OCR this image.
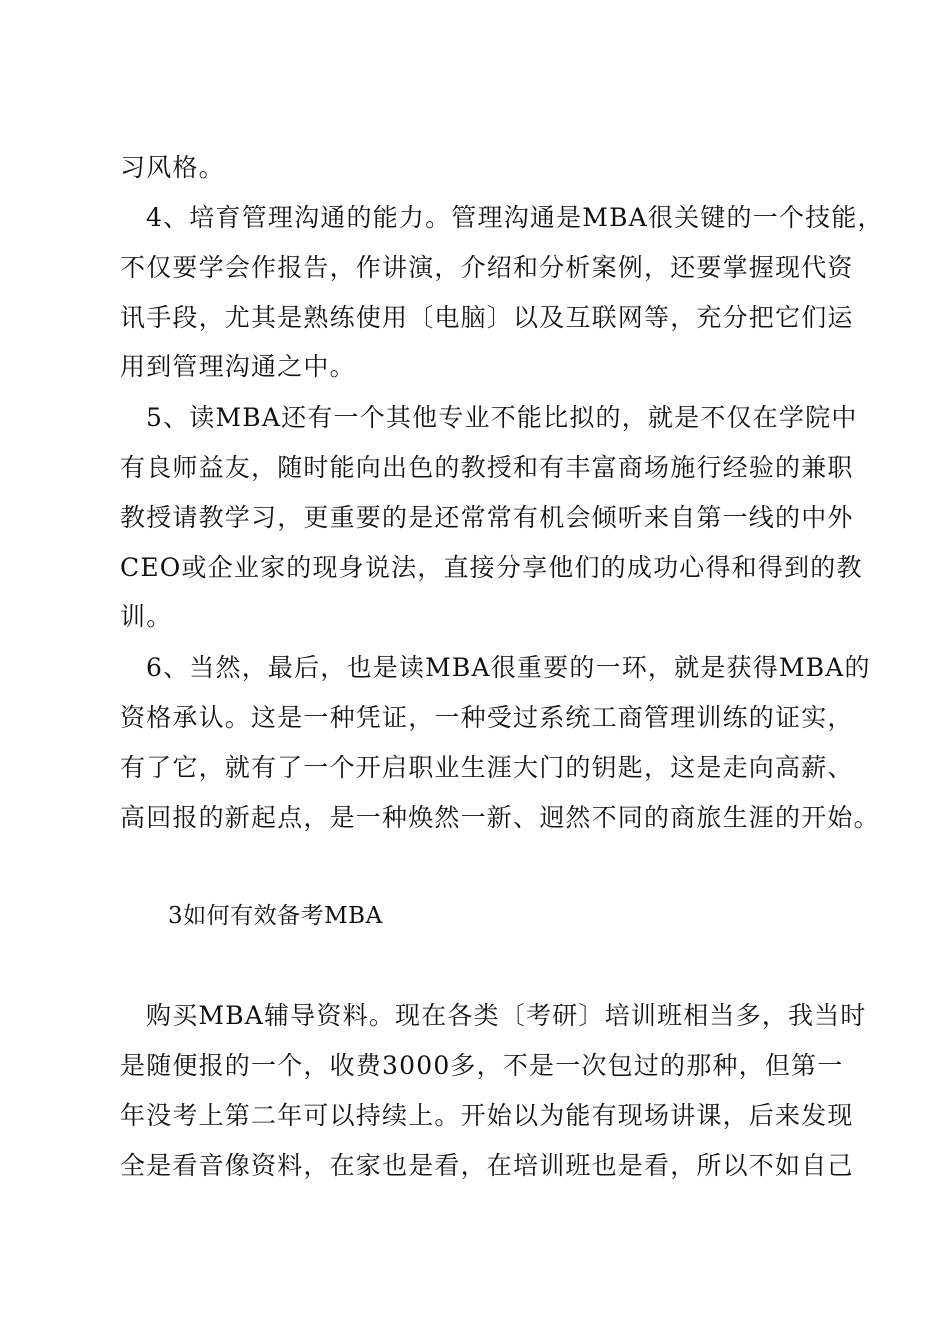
习风格。
4、培育管理沟通的能力。管理沟通是MBA很关键的一个技能，
不仅要学会作报告，作讲演，介绍和分析案例，还要掌握现代资
讯手段，尤其是熟练使用〔电脑〕以及互联网等，充分把它们运
用到管理沟通之中。
5、读MBA还有一个其他专业不能比拟的，就是不仅在学院中
有良师益友，随时能向出色的教授和有丰富商场施行经验的兼职
教授请教学习，更重要的是还常常有机会倾听来自第一线的中外
CEO或企业家的现身说法，直接分享他们的成功心得和得到的教
训。
6、当然，最后，也是读MBA很重要的一环，就是获得MBA的
资格承认。这是一种凭证，一种受过系统工商管理训练的证实，
有了它，就有了一个开启职业生涯大门的钥匙，这是走向高薪、
高回报的新起点，是一种焕然一新、迥然不同的商旅生涯的开始。
3如何有效备考MBA
购买MBA辅导资料。现在各类〔考研〕培训班相当多，我当时
是随便报的一个，收费3000多，不是一次包过的那种，但第一
年没考上第二年可以持续上。开始以为能有现场讲课，后来发现
全是看音像资料，在家也是看，在培训班也是看，所以不如自己
